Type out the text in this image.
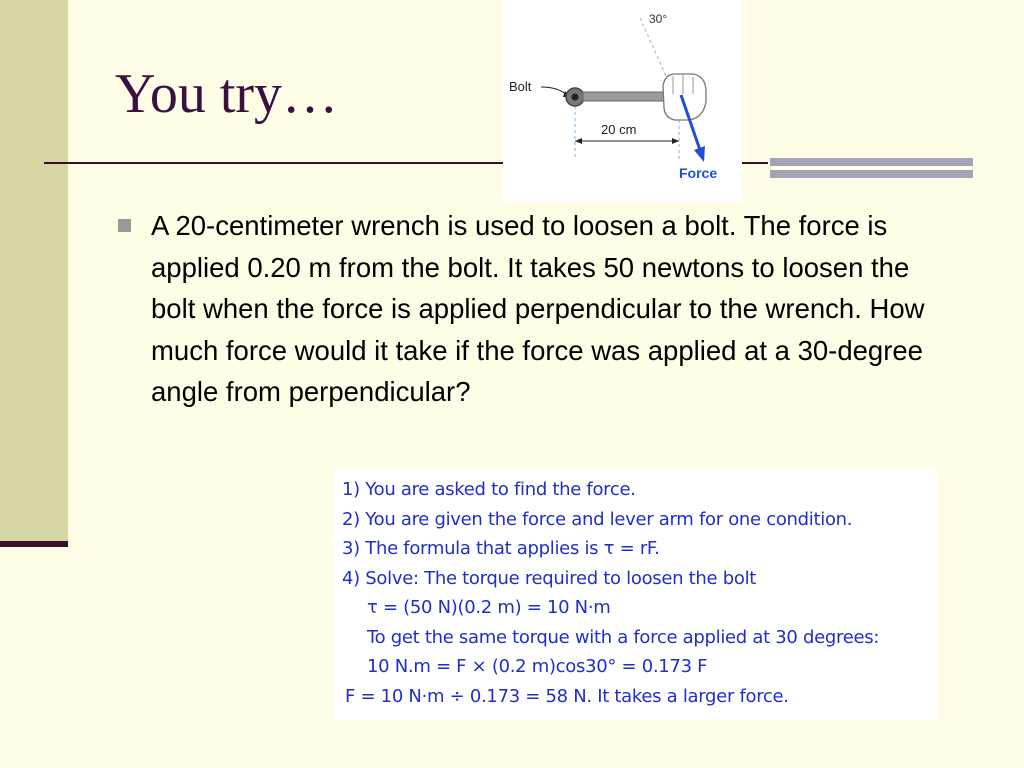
You try…
30°
Bolt
20 cm
Force

A 20-centimeter wrench is used to loosen a bolt. The force is applied 0.20 m from the bolt. It takes 50 newtons to loosen the bolt when the force is applied perpendicular to the wrench. How much force would it take if the force was applied at a 30-degree angle from perpendicular?

1) You are asked to find the force.
2) You are given the force and lever arm for one condition.
3) The formula that applies is τ = rF.
4) Solve: The torque required to loosen the bolt
τ = (50 N)(0.2 m) = 10 N·m
To get the same torque with a force applied at 30 degrees:
10 N.m = F × (0.2 m)cos30° = 0.173 F
F = 10 N·m ÷ 0.173 = 58 N. It takes a larger force.
